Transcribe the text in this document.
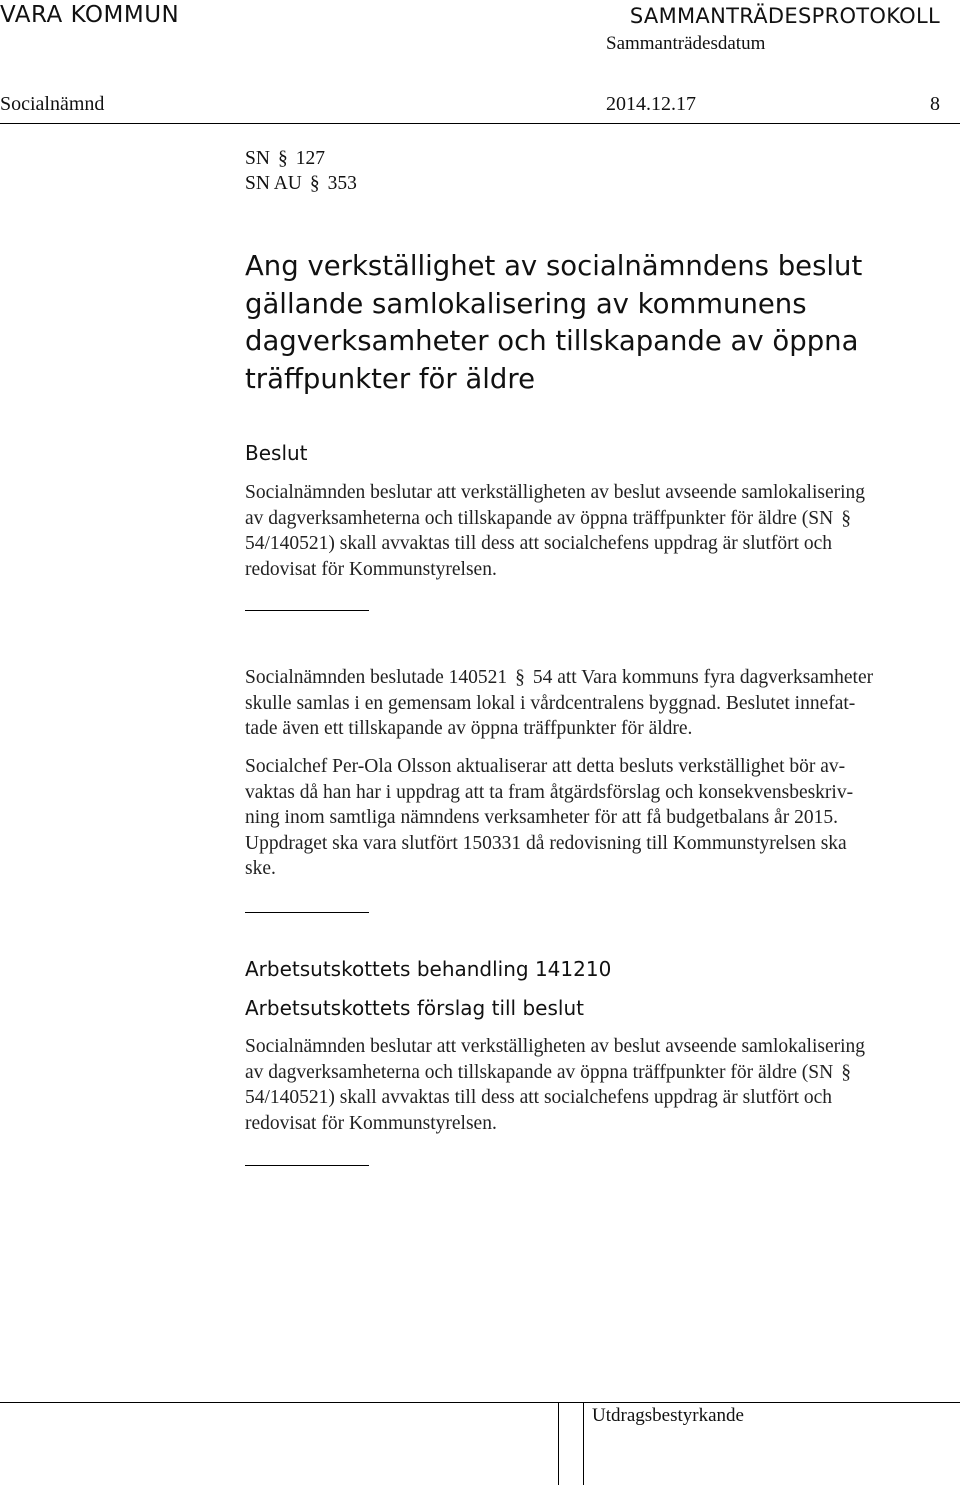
VARA KOMMUN	SAMMANTRÄDESPROTOKOLL
Sammanträdesdatum
Socialnämnd	2014.12.17	8
SN § 127
SN AU § 353
Ang verkställighet av socialnämndens beslut
gällande samlokalisering av kommunens
dagverksamheter och tillskapande av öppna
träffpunkter för äldre
Beslut
Socialnämnden beslutar att verkställigheten av beslut avseende samlokalisering
av dagverksamheterna och tillskapande av öppna träffpunkter för äldre (SN §
54/140521) skall avvaktas till dess att socialchefens uppdrag är slutfört och
redovisat för Kommunstyrelsen.
Socialnämnden beslutade 140521 § 54 att Vara kommuns fyra dagverksamheter
skulle samlas i en gemensam lokal i vårdcentralens byggnad. Beslutet innefat-
tade även ett tillskapande av öppna träffpunkter för äldre.
Socialchef Per-Ola Olsson aktualiserar att detta besluts verkställighet bör av-
vaktas då han har i uppdrag att ta fram åtgärdsförslag och konsekvensbeskriv-
ning inom samtliga nämndens verksamheter för att få budgetbalans år 2015.
Uppdraget ska vara slutfört 150331 då redovisning till Kommunstyrelsen ska
ske.
Arbetsutskottets behandling 141210
Arbetsutskottets förslag till beslut
Socialnämnden beslutar att verkställigheten av beslut avseende samlokalisering
av dagverksamheterna och tillskapande av öppna träffpunkter för äldre (SN §
54/140521) skall avvaktas till dess att socialchefens uppdrag är slutfört och
redovisat för Kommunstyrelsen.
Utdragsbestyrkande
